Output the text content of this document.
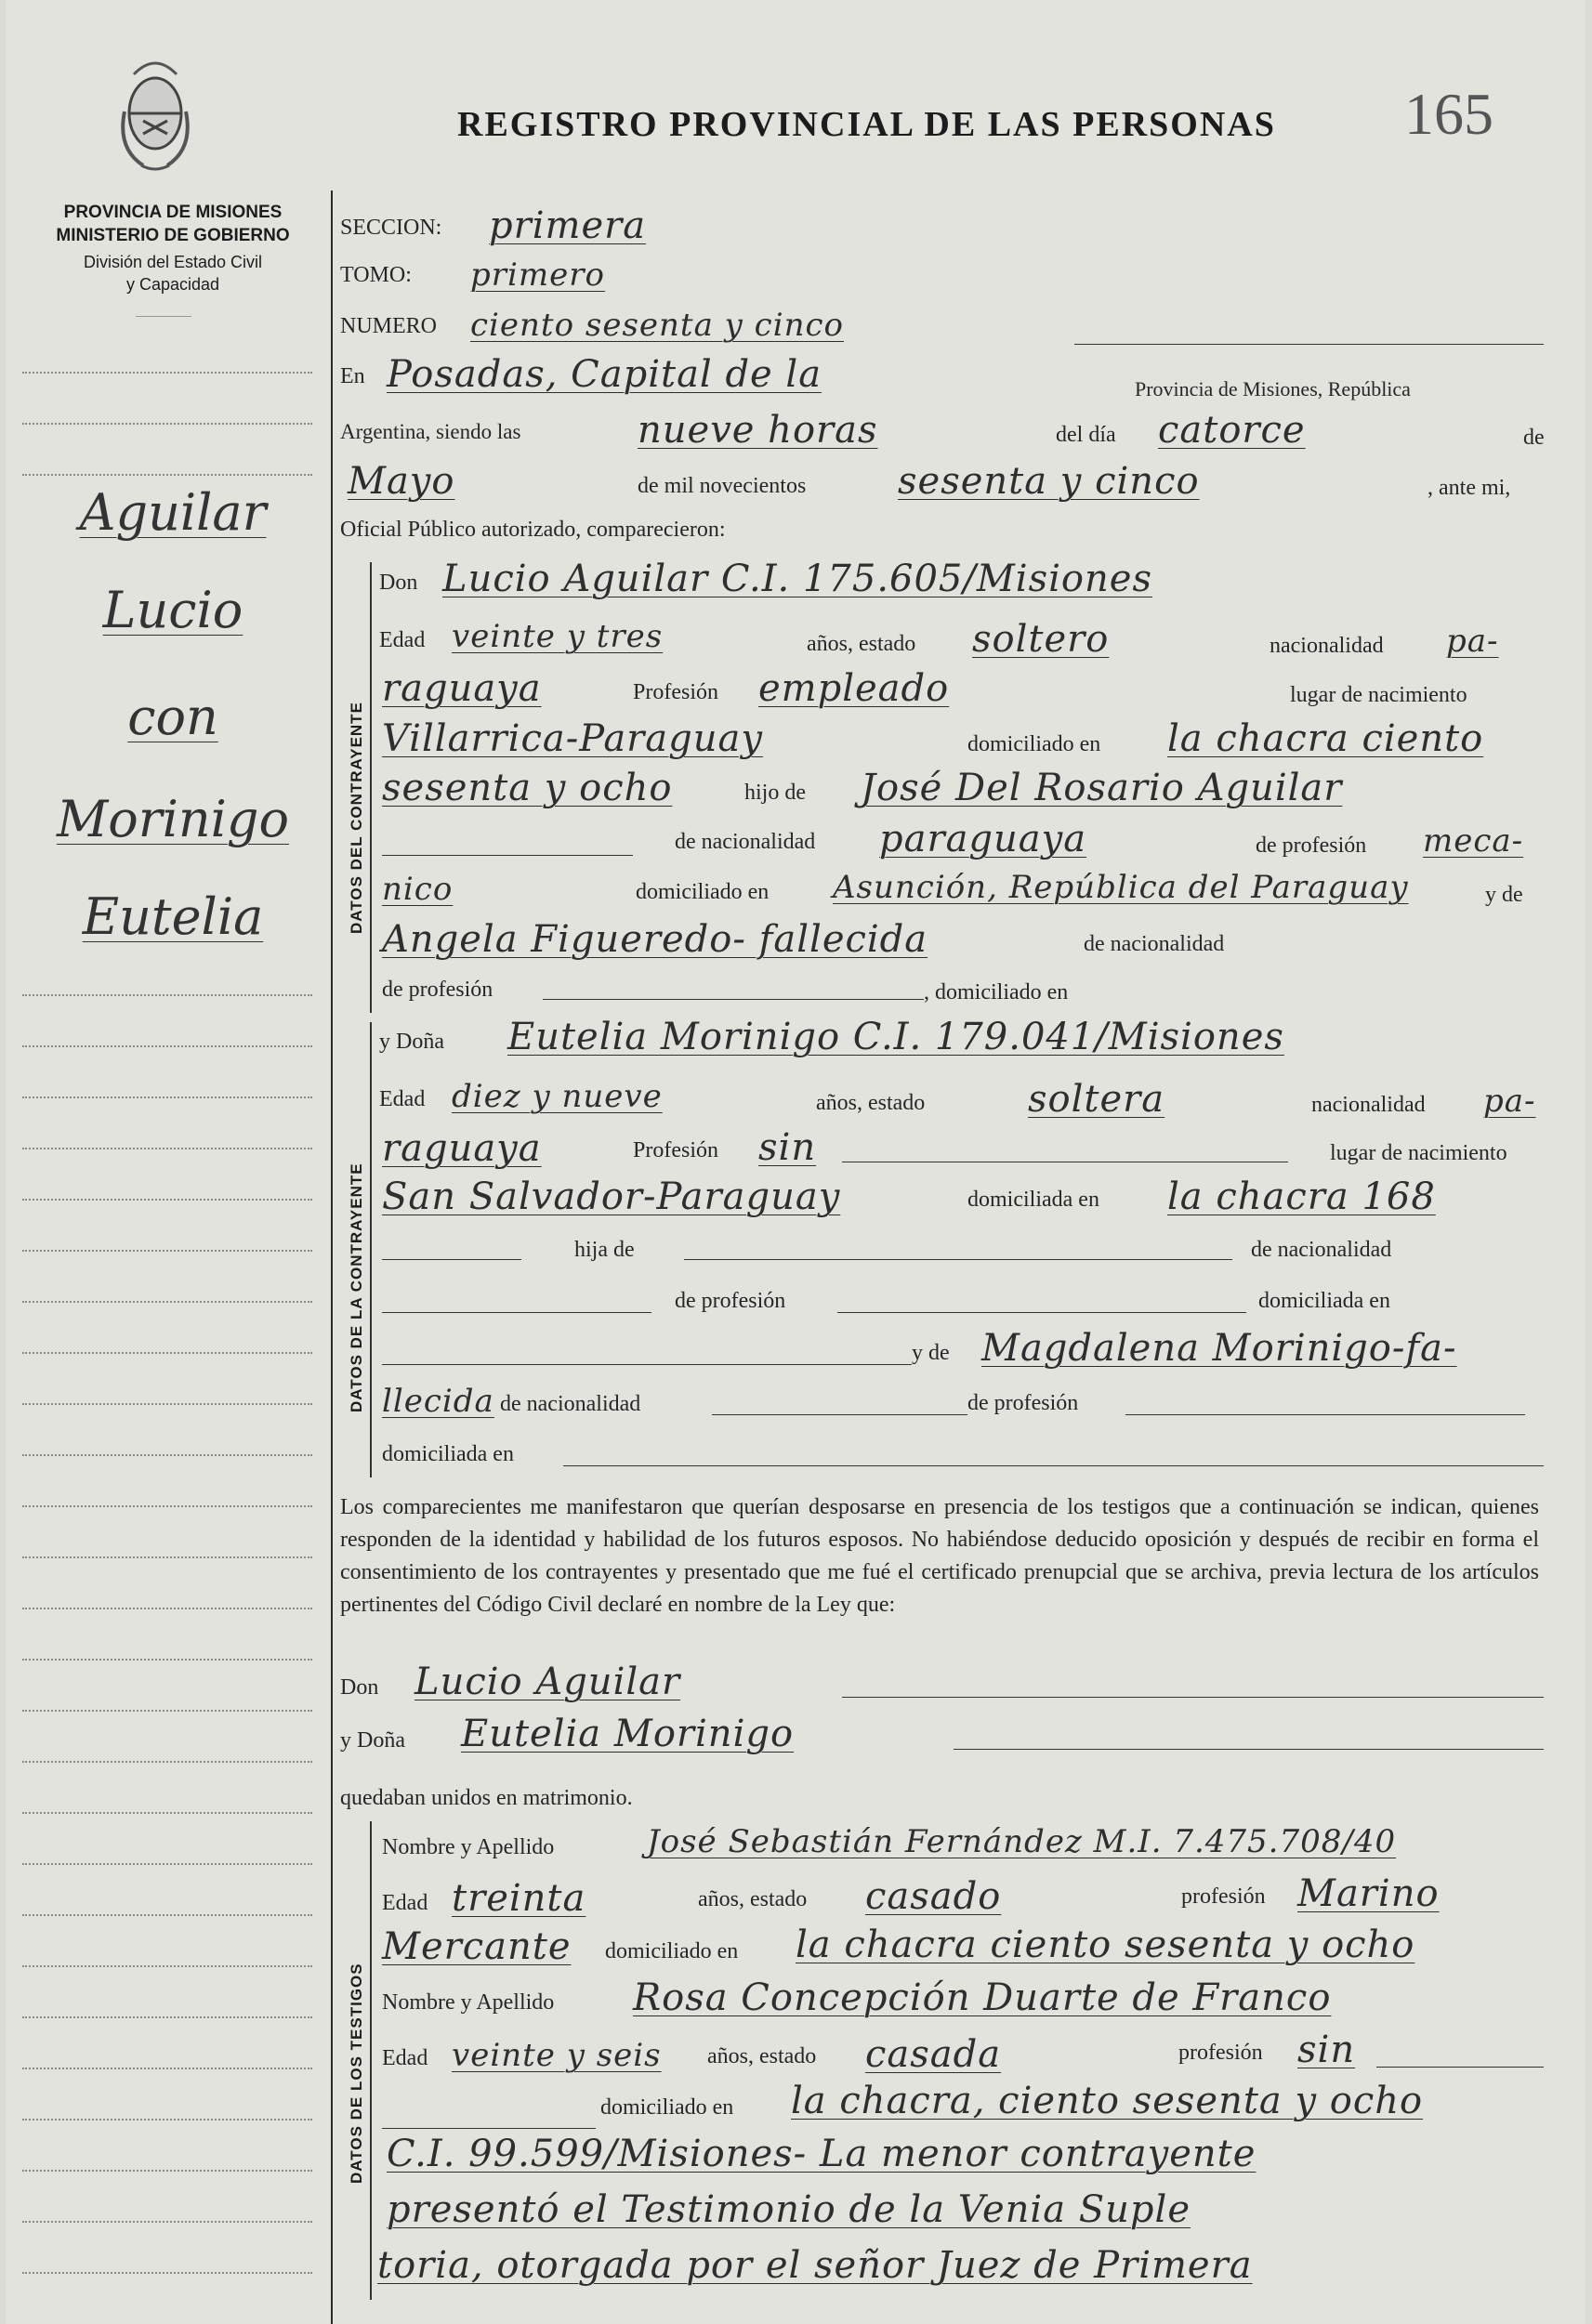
REGISTRO PROVINCIAL DE LAS PERSONAS 165
PROVINCIA DE MISIONES
MINISTERIO DE GOBIERNO
División del Estado Civil
y Capacidad
Aguilar
Lucio
con
Morinigo
Eutelia
SECCION: primera
TOMO: primero
NUMERO ciento sesenta y cinco
En Posadas, Capital de la	Provincia de Misiones, República
Argentina, siendo las	nueve horas	del día catorce	de
Mayo	de mil novecientos sesenta y cinco	, ante mi,
Oficial Público autorizado, comparecieron:
DATOS DEL CONTRAYENTE
Don Lucio Aguilar C.I. 175.605/Misiones
Edad veinte y tres	años, estado soltero	nacionalidad pa-
raguaya	Profesión empleado	lugar de nacimiento
Villarrica-Paraguay	domiciliado en la chacra ciento
sesenta y ocho	hijo de José Del Rosario Aguilar
de nacionalidad paraguaya	de profesión meca-
nico	domiciliado en Asunción, República del Paraguay	y de
Angela Figueredo- fallecida	de nacionalidad
de profesión	, domiciliado en
DATOS DE LA CONTRAYENTE
y Doña Eutelia Morinigo C.I. 179.041/Misiones
Edad diez y nueve	años, estado	soltera	nacionalidad pa-
raguaya	Profesión sin	lugar de nacimiento
San Salvador-Paraguay	domiciliada en la chacra 168
hija de	de nacionalidad
de profesión	domiciliada en
y de Magdalena Morinigo-fa-
llecida de nacionalidad	de profesión
domiciliada en
Los comparecientes me manifestaron que querían desposarse en presencia de los testigos que a continuación se indican, quienes responden de la identidad y habilidad de los futuros esposos. No habiéndose deducido oposición y después de recibir en forma el consentimiento de los contrayentes y presentado que me fué el certificado prenupcial que se archiva, previa lectura de los artículos pertinentes del Código Civil declaré en nombre de la Ley que:
Don Lucio Aguilar
y Doña Eutelia Morinigo
quedaban unidos en matrimonio.
DATOS DE LOS TESTIGOS
Nombre y Apellido	José Sebastián Fernández M.I. 7.475.708/40
Edad treinta	años, estado casado	profesión Marino
Mercante domiciliado en la chacra ciento sesenta y ocho
Nombre y Apellido Rosa Concepción Duarte de Franco
Edad veinte y seis años, estado casada	profesión sin
domiciliado en la chacra, ciento sesenta y ocho
C.I. 99.599/Misiones- La menor contrayente
presentó el Testimonio de la Venia Suple
toria, otorgada por el señor Juez de Primera
